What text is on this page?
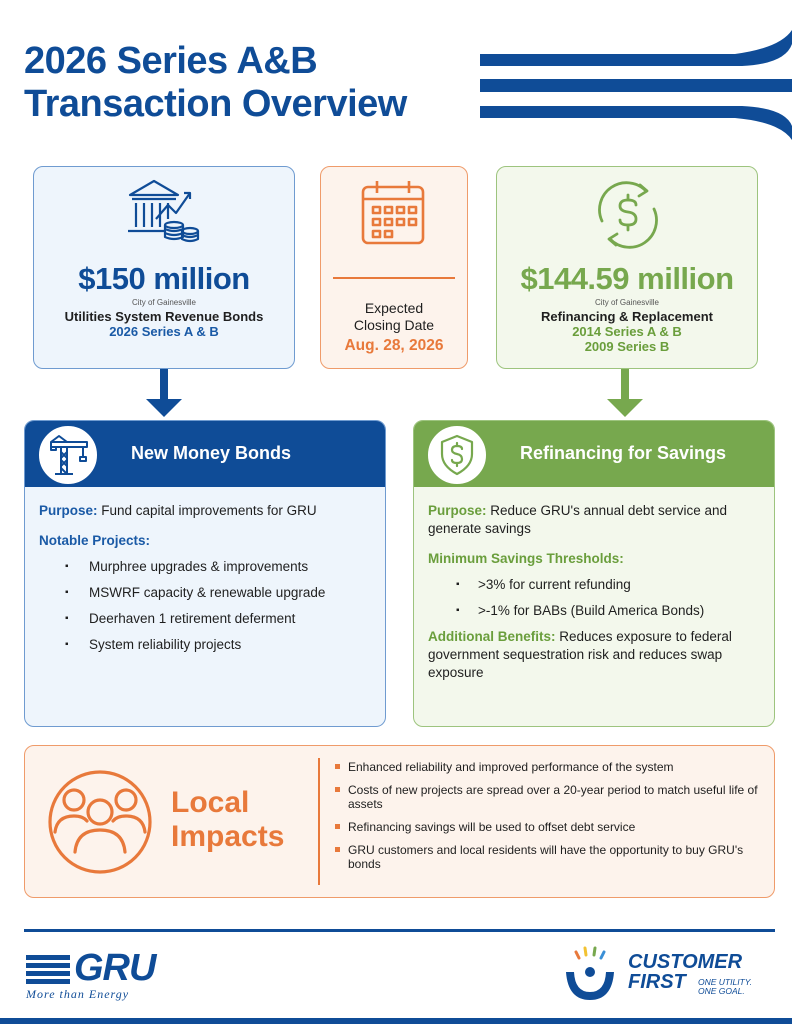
2026 Series A&B
Transaction Overview
$150 million
City of Gainesville
Utilities System Revenue Bonds
2026 Series A & B
Expected
Closing Date
Aug. 28, 2026
$144.59 million
City of Gainesville
Refinancing & Replacement
2014 Series A & B
2009 Series B
New Money Bonds
Purpose: Fund capital improvements for GRU
Notable Projects:
▪ Murphree upgrades & improvements
▪ MSWRF capacity & renewable upgrade
▪ Deerhaven 1 retirement deferment
▪ System reliability projects
Refinancing for Savings
Purpose: Reduce GRU's annual debt service and generate savings
Minimum Savings Thresholds:
▪ >3% for current refunding
▪ >-1% for BABs (Build America Bonds)
Additional Benefits: Reduces exposure to federal government sequestration risk and reduces swap exposure
Local
Impacts
Enhanced reliability and improved performance of the system
Costs of new projects are spread over a 20-year period to match useful life of assets
Refinancing savings will be used to offset debt service
GRU customers and local residents will have the opportunity to buy GRU's bonds
GRU
More than Energy
CUSTOMER
FIRST	ONE UTILITY.
ONE GOAL.
